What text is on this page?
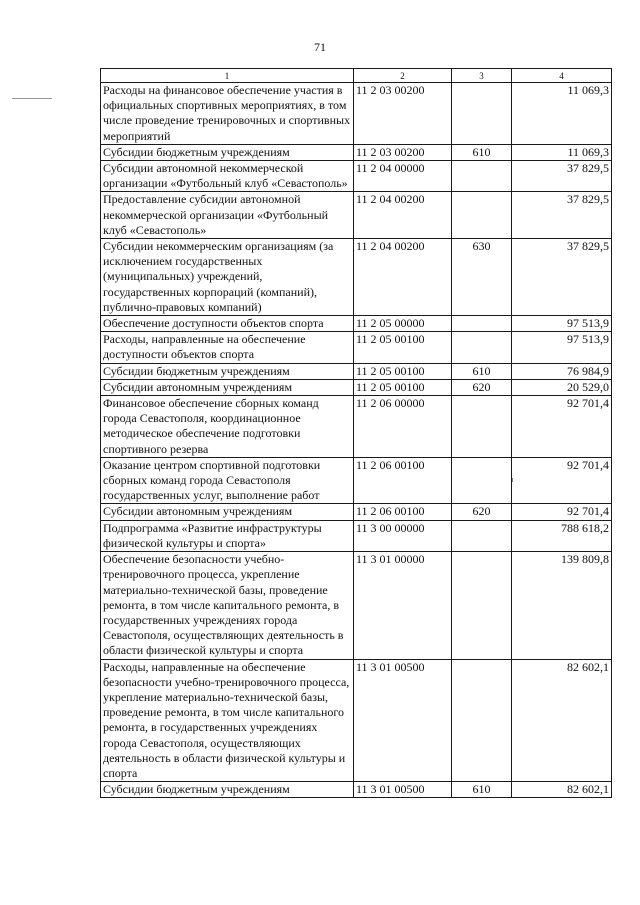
71
1	2	3	4
Расходы на финансовое обеспечение участия в официальных спортивных мероприятиях, в том числе проведение тренировочных и спортивных мероприятий	11 2 03 00200		11 069,3
Субсидии бюджетным учреждениям	11 2 03 00200	610	11 069,3
Субсидии автономной некоммерческой организации «Футбольный клуб «Севастополь»	11 2 04 00000		37 829,5
Предоставление субсидии автономной некоммерческой организации «Футбольный клуб «Севастополь»	11 2 04 00200		37 829,5
Субсидии некоммерческим организациям (за исключением государственных (муниципальных) учреждений, государственных корпораций (компаний), публично-правовых компаний)	11 2 04 00200	630	37 829,5
Обеспечение доступности объектов спорта	11 2 05 00000		97 513,9
Расходы, направленные на обеспечение доступности объектов спорта	11 2 05 00100		97 513,9
Субсидии бюджетным учреждениям	11 2 05 00100	610	76 984,9
Субсидии автономным учреждениям	11 2 05 00100	620	20 529,0
Финансовое обеспечение сборных команд города Севастополя, координационное методическое обеспечение подготовки спортивного резерва	11 2 06 00000		92 701,4
Оказание центром спортивной подготовки сборных команд города Севастополя государственных услуг, выполнение работ	11 2 06 00100		92 701,4
Субсидии автономным учреждениям	11 2 06 00100	620	92 701,4
Подпрограмма «Развитие инфраструктуры физической культуры и спорта»	11 3 00 00000		788 618,2
Обеспечение безопасности учебно-тренировочного процесса, укрепление материально-технической базы, проведение ремонта, в том числе капитального ремонта, в государственных учреждениях города Севастополя, осуществляющих деятельность в области физической культуры и спорта	11 3 01 00000		139 809,8
Расходы, направленные на обеспечение безопасности учебно-тренировочного процесса, укрепление материально-технической базы, проведение ремонта, в том числе капитального ремонта, в государственных учреждениях города Севастополя, осуществляющих деятельность в области физической культуры и спорта	11 3 01 00500		82 602,1
Субсидии бюджетным учреждениям	11 3 01 00500	610	82 602,1
